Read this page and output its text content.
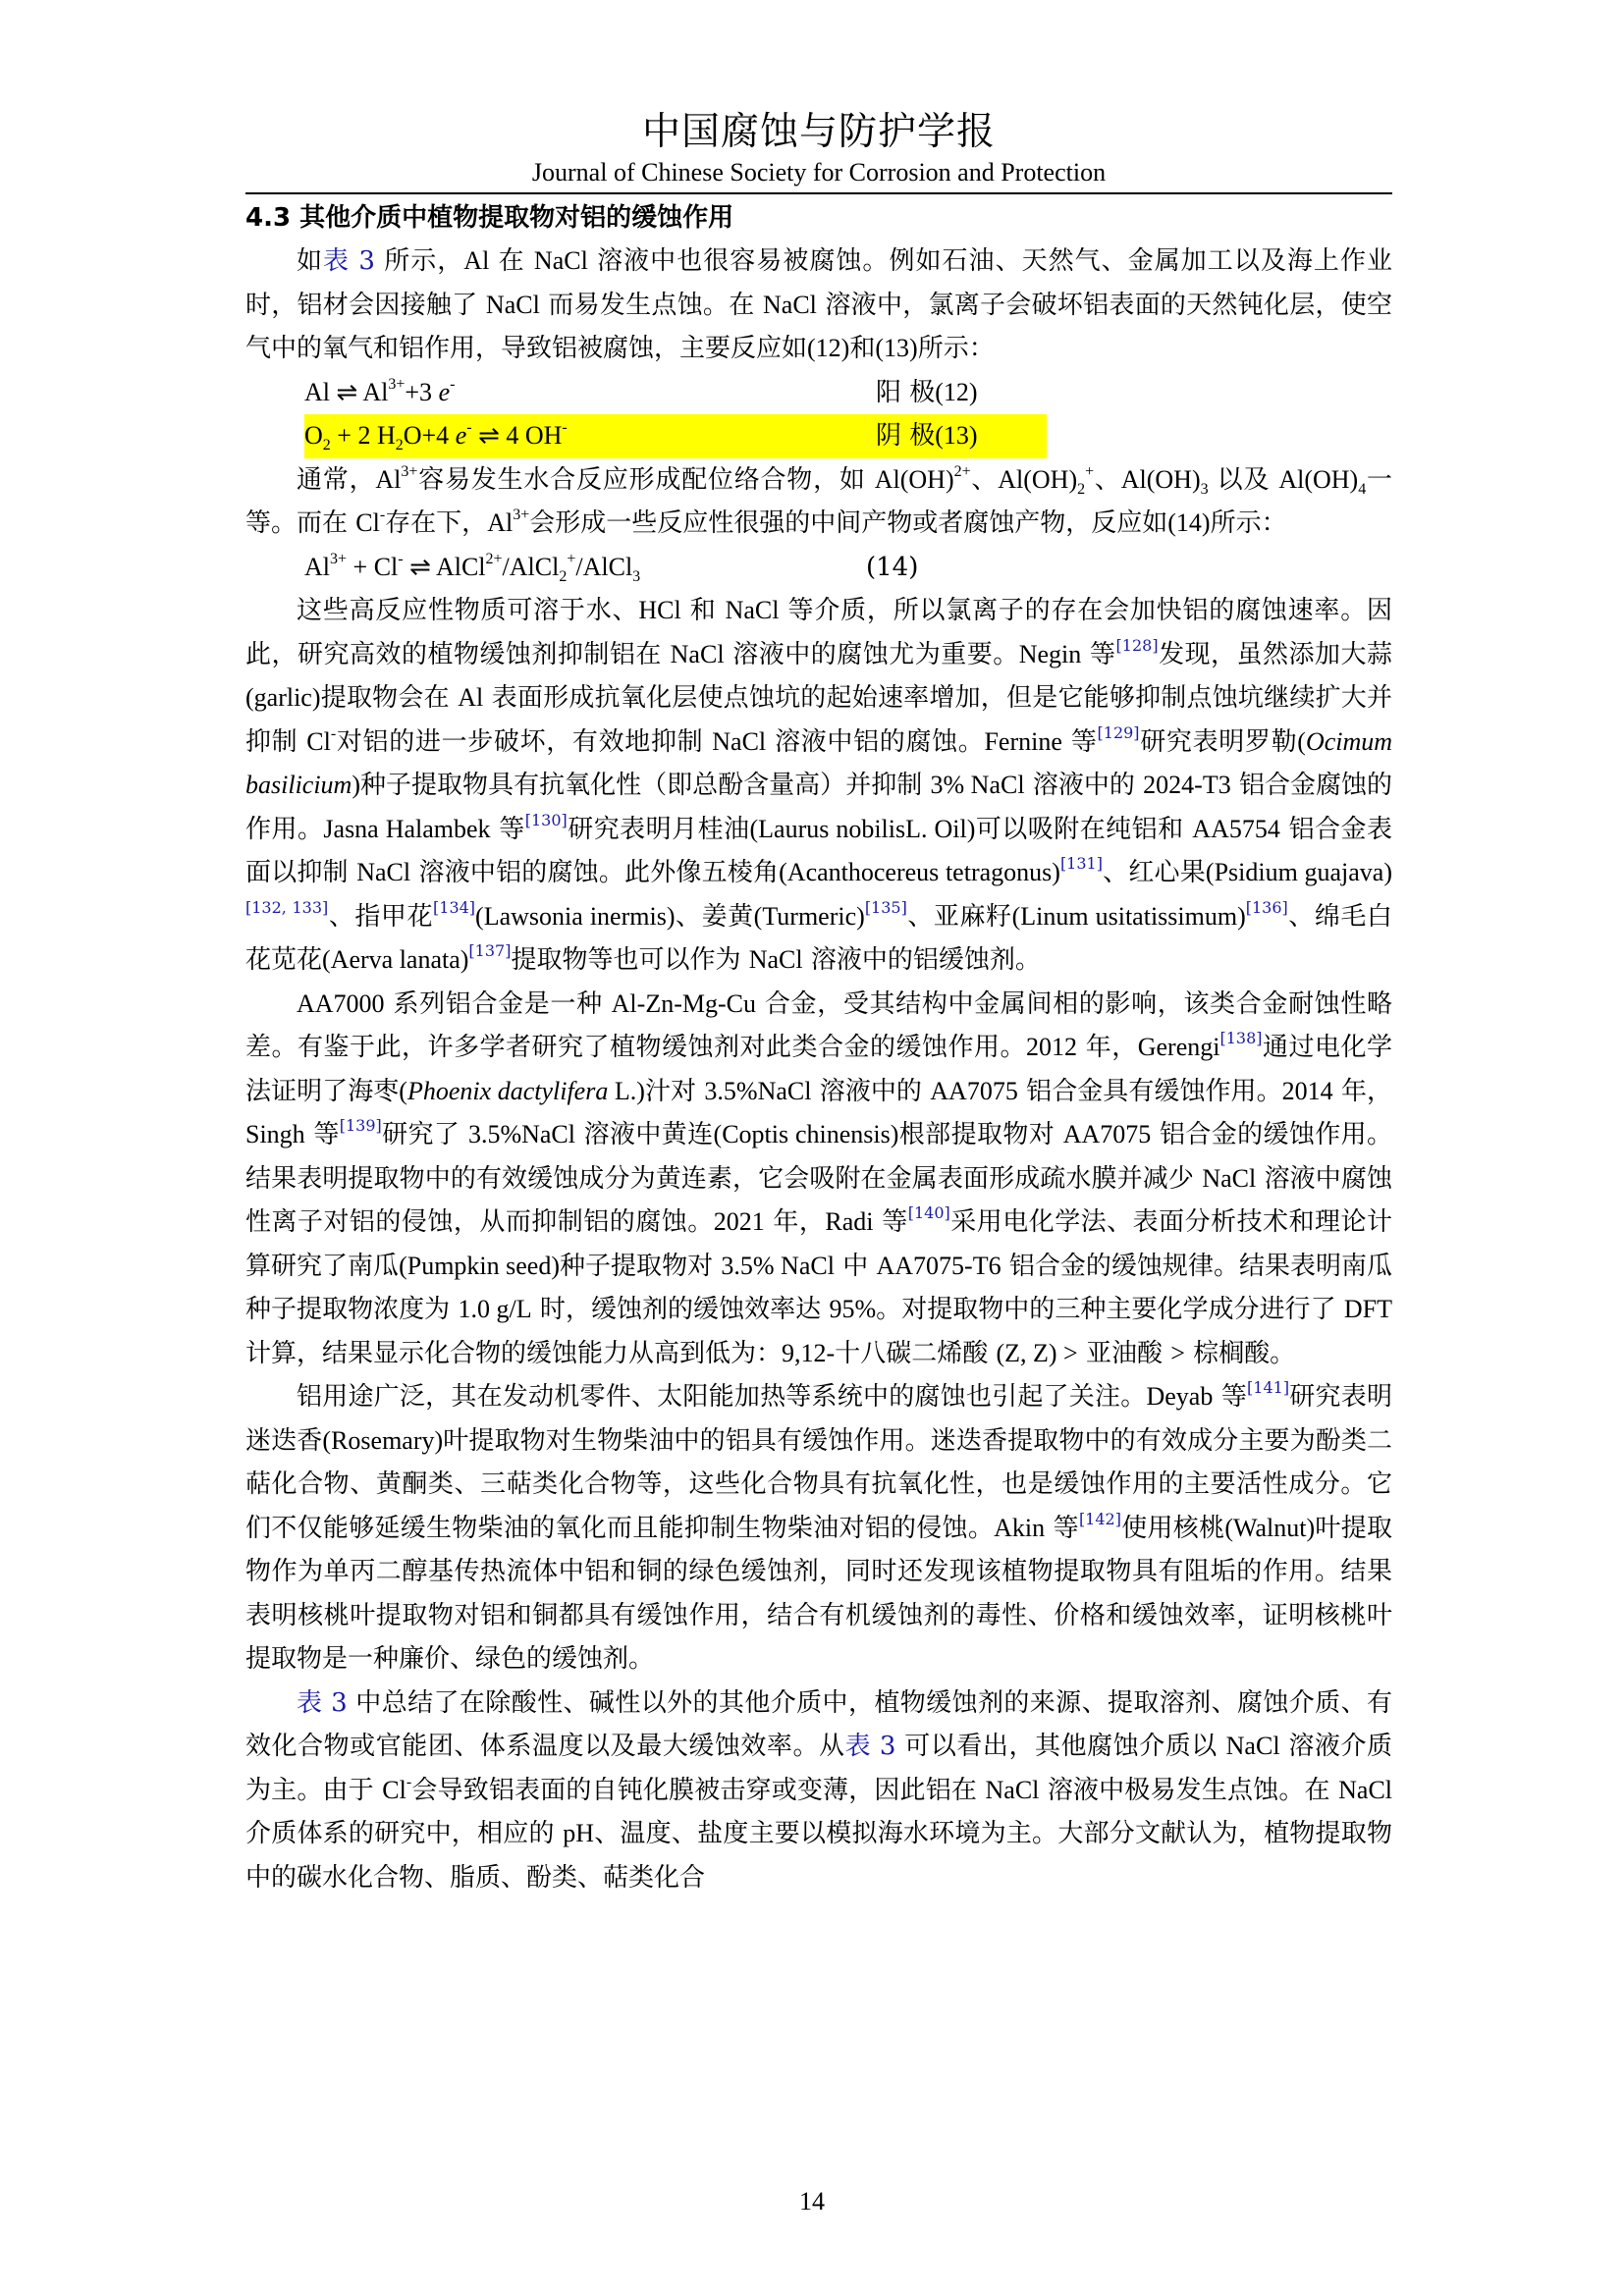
中国腐蚀与防护学报
Journal of Chinese Society for Corrosion and Protection
4.3 其他介质中植物提取物对铝的缓蚀作用

如表 3 所示，Al 在 NaCl 溶液中也很容易被腐蚀。例如石油、天然气、金属加工以及海上作业时，铝材会因接触了 NaCl 而易发生点蚀。在 NaCl 溶液中，氯离子会破坏铝表面的天然钝化层，使空气中的氧气和铝作用，导致铝被腐蚀，主要反应如(12)和(13)所示：

Al ⇌ $Al^{3+}+3$ e-	阳 极(12)
$O_2 + 2$ $H_2O+4$ e- ⇌ 4 OH-	阴 极(13)

通常，$Al^{3+}$容易发生水合反应形成配位络合物，如 Al(OH)$^{2+}$、$Al(OH)_2^+$、$Al(OH)_3$ 以及 $Al(OH)_4$一等。而在 Cl-存在下，$Al^{3+}$会形成一些反应性很强的中间产物或者腐蚀产物，反应如(14)所示：

$Al^{3+} + Cl^-$ ⇌ AlCl$^{2+}$/AlCl$_2$+/AlCl$_3$	(14)

这些高反应性物质可溶于水、HCl 和 NaCl 等介质，所以氯离子的存在会加快铝的腐蚀速率。因此，研究高效的植物缓蚀剂抑制铝在 NaCl 溶液中的腐蚀尤为重要。Negin 等[128]发现，虽然添加大蒜(garlic)提取物会在 Al 表面形成抗氧化层使点蚀坑的起始速率增加，但是它能够抑制点蚀坑继续扩大并抑制 Cl-对铝的进一步破坏，有效地抑制 NaCl 溶液中铝的腐蚀。Fernine 等[129]研究表明罗勒(Ocimum basilicium)种子提取物具有抗氧化性（即总酚含量高）并抑制 3% NaCl 溶液中的 2024-T3 铝合金腐蚀的作用。Jasna Halambek 等[130]研究表明月桂油(Laurus nobilisL. Oil)可以吸附在纯铝和 AA5754 铝合金表面以抑制 NaCl 溶液中铝的腐蚀。此外像五棱角(Acanthocereus tetragonus)[131]、红心果(Psidium guajava)[132, 133]、指甲花[134](Lawsonia inermis)、姜黄(Turmeric)[135]、亚麻籽(Linum usitatissimum)[136]、绵毛白花苋花(Aerva lanata)[137]提取物等也可以作为 NaCl 溶液中的铝缓蚀剂。

AA7000 系列铝合金是一种 Al-Zn-Mg-Cu 合金，受其结构中金属间相的影响，该类合金耐蚀性略差。有鉴于此，许多学者研究了植物缓蚀剂对此类合金的缓蚀作用。2012 年，Gerengi[138]通过电化学法证明了海枣(Phoenix dactylifera L.)汁对 3.5%NaCl 溶液中的 AA7075 铝合金具有缓蚀作用。2014 年，Singh 等[139]研究了 3.5%NaCl 溶液中黄连(Coptis chinensis)根部提取物对 AA7075 铝合金的缓蚀作用。结果表明提取物中的有效缓蚀成分为黄连素，它会吸附在金属表面形成疏水膜并减少 NaCl 溶液中腐蚀性离子对铝的侵蚀，从而抑制铝的腐蚀。2021 年，Radi 等[140]采用电化学法、表面分析技术和理论计算研究了南瓜(Pumpkin seed)种子提取物对 3.5% NaCl 中 AA7075-T6 铝合金的缓蚀规律。结果表明南瓜种子提取物浓度为 1.0 g/L 时，缓蚀剂的缓蚀效率达 95%。对提取物中的三种主要化学成分进行了 DFT 计算，结果显示化合物的缓蚀能力从高到低为：9,12-十八碳二烯酸 (Z, Z) > 亚油酸 > 棕榈酸。

铝用途广泛，其在发动机零件、太阳能加热等系统中的腐蚀也引起了关注。Deyab 等[141]研究表明迷迭香(Rosemary)叶提取物对生物柴油中的铝具有缓蚀作用。迷迭香提取物中的有效成分主要为酚类二萜化合物、黄酮类、三萜类化合物等，这些化合物具有抗氧化性，也是缓蚀作用的主要活性成分。它们不仅能够延缓生物柴油的氧化而且能抑制生物柴油对铝的侵蚀。Akin 等[142]使用核桃(Walnut)叶提取物作为单丙二醇基传热流体中铝和铜的绿色缓蚀剂，同时还发现该植物提取物具有阻垢的作用。结果表明核桃叶提取物对铝和铜都具有缓蚀作用，结合有机缓蚀剂的毒性、价格和缓蚀效率，证明核桃叶提取物是一种廉价、绿色的缓蚀剂。

表 3 中总结了在除酸性、碱性以外的其他介质中，植物缓蚀剂的来源、提取溶剂、腐蚀介质、有效化合物或官能团、体系温度以及最大缓蚀效率。从表 3 可以看出，其他腐蚀介质以 NaCl 溶液介质为主。由于 Cl-会导致铝表面的自钝化膜被击穿或变薄，因此铝在 NaCl 溶液中极易发生点蚀。在 NaCl 介质体系的研究中，相应的 pH、温度、盐度主要以模拟海水环境为主。大部分文献认为，植物提取物中的碳水化合物、脂质、酚类、萜类化合

14
